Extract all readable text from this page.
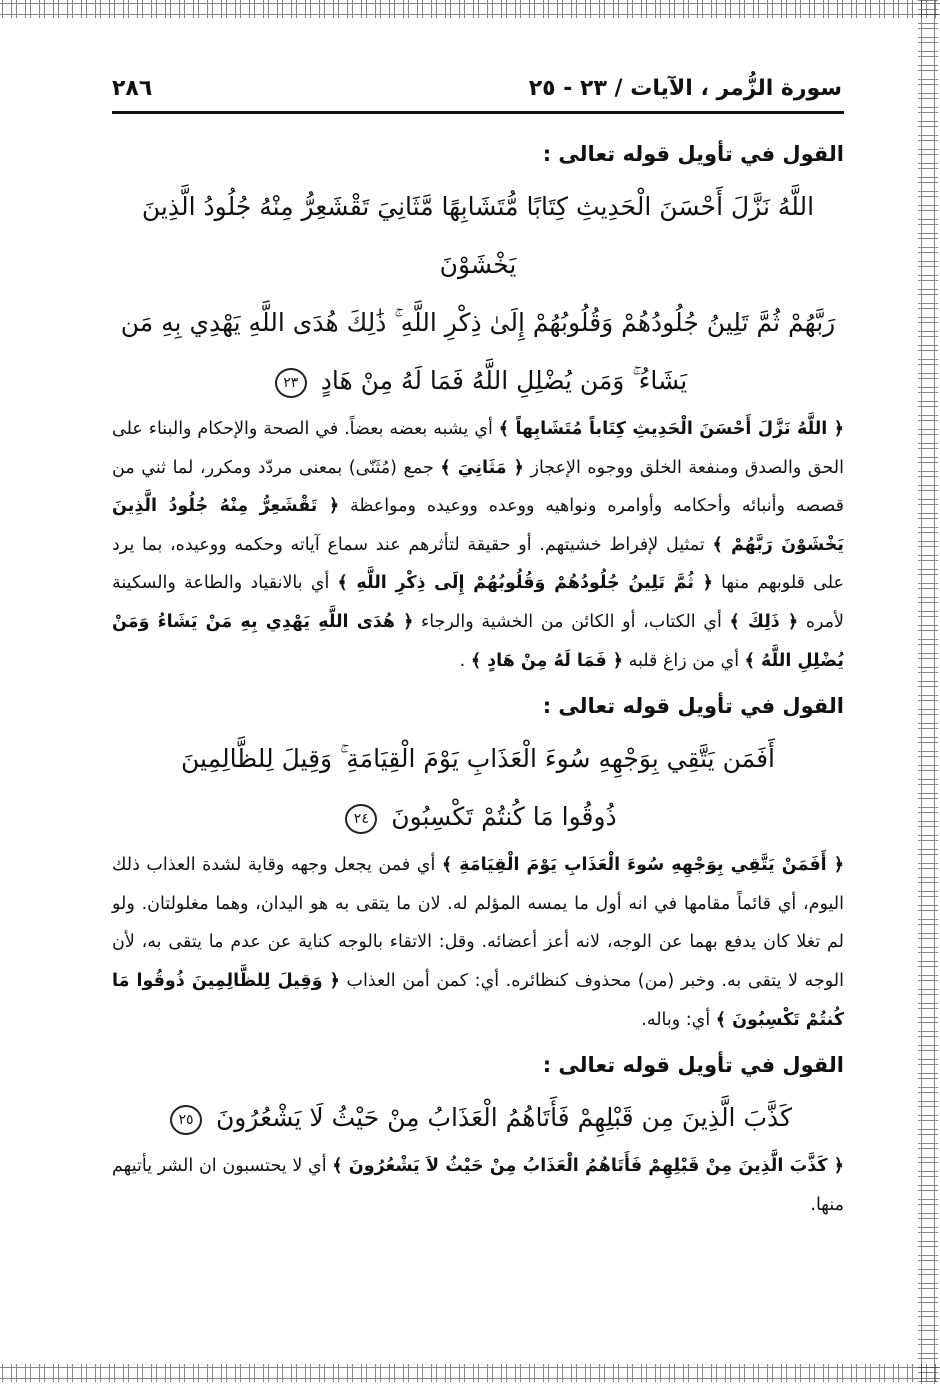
٢٨٦	سورة الزُّمر ، الآيات / ٢٣ - ٢٥
القول في تأويل قوله تعالى :
اللَّهُ نَزَّلَ أَحْسَنَ الْحَدِيثِ كِتَابًا مُّتَشَابِهًا مَّثَانِيَ تَقْشَعِرُّ مِنْهُ جُلُودُ الَّذِينَ يَخْشَوْنَ
رَبَّهُمْ ثُمَّ تَلِينُ جُلُودُهُمْ وَقُلُوبُهُمْ إِلَىٰ ذِكْرِ اللَّهِ ۚ ذَٰلِكَ هُدَى اللَّهِ يَهْدِي بِهِ مَن
يَشَاءُ ۚ وَمَن يُضْلِلِ اللَّهُ فَمَا لَهُ مِنْ هَادٍ ٢٣

﴿ اللَّهُ نَزَّلَ أَحْسَنَ الْحَدِيثِ كِتَاباً مُتَشَابِهاً ﴾ أي يشبه بعضه بعضاً. في الصحة والإحكام والبناء على الحق والصدق ومنفعة الخلق ووجوه الإعجاز ﴿ مَثَانِيَ ﴾ جمع (مُثَنّى) بمعنى مردّد ومكرر، لما ثني من قصصه وأنبائه وأحكامه وأوامره ونواهيه ووعده ووعيده ومواعظة ﴿ تَقْشَعِرُّ مِنْهُ جُلُودُ الَّذِينَ يَخْشَوْنَ رَبَّهُمْ ﴾ تمثيل لإفراط خشيتهم. أو حقيقة لتأثرهم عند سماع آياته وحكمه ووعيده، بما يرد على قلوبهم منها ﴿ ثُمَّ تَلِينُ جُلُودُهُمْ وَقُلُوبُهُمْ إِلَى ذِكْرِ اللَّهِ ﴾ أي بالانقياد والطاعة والسكينة لأمره ﴿ ذَلِكَ ﴾ أي الكتاب، أو الكائن من الخشية والرجاء ﴿ هُدَى اللَّهِ يَهْدِي بِهِ مَنْ يَشَاءُ وَمَنْ يُضْلِلِ اللَّهُ ﴾ أي من زاغ قلبه ﴿ فَمَا لَهُ مِنْ هَادٍ ﴾ .

القول في تأويل قوله تعالى :
أَفَمَن يَتَّقِي بِوَجْهِهِ سُوءَ الْعَذَابِ يَوْمَ الْقِيَامَةِ ۚ وَقِيلَ لِلظَّالِمِينَ
ذُوقُوا مَا كُنتُمْ تَكْسِبُونَ ٢٤

﴿ أَفَمَنْ يَتَّقِي بِوَجْهِهِ سُوءَ الْعَذَابِ يَوْمَ الْقِيَامَةِ ﴾ أي فمن يجعل وجهه وقاية لشدة العذاب ذلك اليوم، أي قائماً مقامها في انه أول ما يمسه المؤلم له. لان ما يتقى به هو اليدان، وهما مغلولتان. ولو لم تغلا كان يدفع بهما عن الوجه، لانه أعز أعضائه. وقل: الاتقاء بالوجه كناية عن عدم ما يتقى به، لأن الوجه لا يتقى به. وخبر (من) محذوف كنظائره. أي: كمن أمن العذاب ﴿ وَقِيلَ لِلظَّالِمِينَ ذُوقُوا مَا كُنتُمْ تَكْسِبُونَ ﴾ أي: وباله.

القول في تأويل قوله تعالى :
كَذَّبَ الَّذِينَ مِن قَبْلِهِمْ فَأَتَاهُمُ الْعَذَابُ مِنْ حَيْثُ لَا يَشْعُرُونَ ٢٥

﴿ كَذَّبَ الَّذِينَ مِنْ قَبْلِهِمْ فَأَتَاهُمُ الْعَذَابُ مِنْ حَيْثُ لاَ يَشْعُرُونَ ﴾ أي لا يحتسبون ان الشر يأتيهم منها.
